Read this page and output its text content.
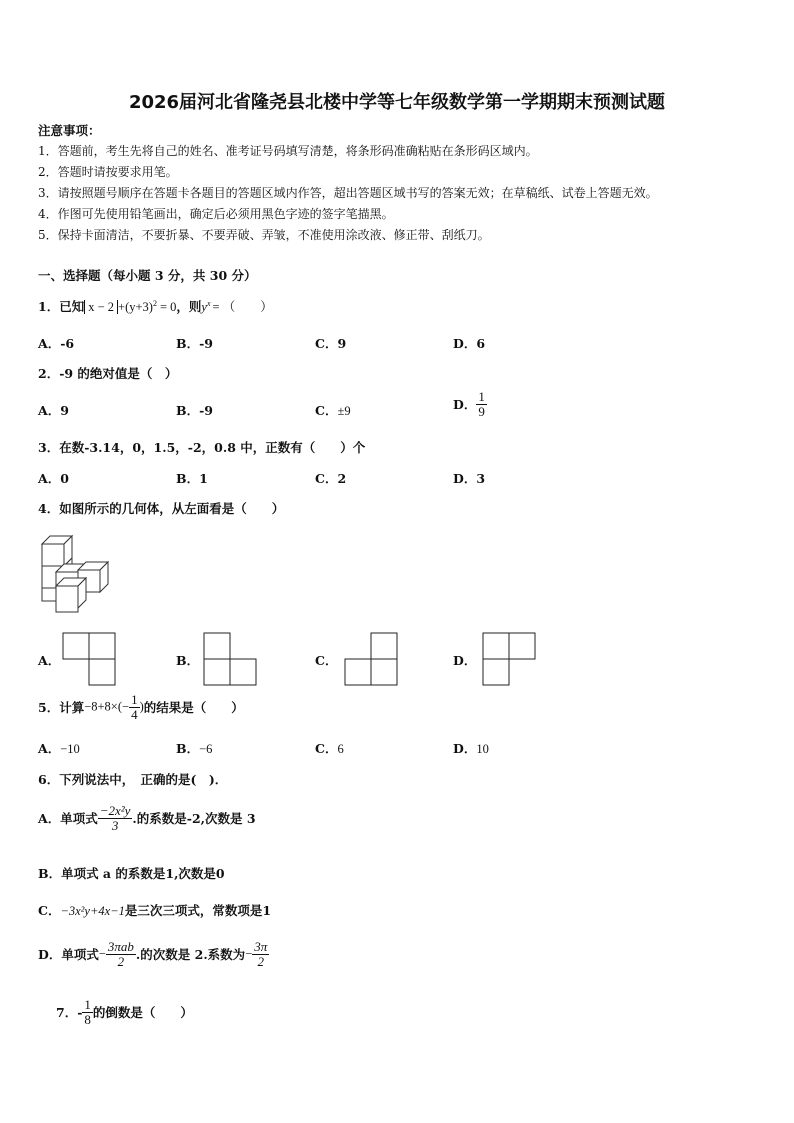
2026届河北省隆尧县北楼中学等七年级数学第一学期期末预测试题
注意事项：
1．答题前，考生先将自己的姓名、准考证号码填写清楚，将条形码准确粘贴在条形码区域内。
2．答题时请按要求用笔。
3．请按照题号顺序在答题卡各题目的答题区域内作答，超出答题区域书写的答案无效；在草稿纸、试卷上答题无效。
4．作图可先使用铅笔画出，确定后必须用黑色字迹的签字笔描黑。
5．保持卡面清洁，不要折暴、不要弄破、弄皱，不准使用涂改液、修正带、刮纸刀。
一、选择题（每小题 3 分，共 30 分）
1．已知 $x - 2 +(y+3)^2 = 0$，则$y^x$ = （　　）
A．-6	B．-9	C．9	D．6
2．-9 的绝对值是（　）
A．9	B．-9	C．±9	D． $\frac{1}{9}$
3．在数-3.14，0，1.5，-2，0.8 中，正数有（　　）个
A．0	B．1	C．2	D．3
4．如图所示的几何体，从左面看是（　　）
A．	B．	C．	D．
5．计算$-8+8\times(- \frac{1}{4}$ )的结果是（　　）
A．−10	B．−6	C．6	D．10
6．下列说法中，　正确的是(　)．
A．单项式 $\frac{\text{−2x²y}}{3}$ .的系数是-2,次数是 3
B．单项式 a 的系数是1,次数是0
C．−3x²y+4x−1是三次三项式，常数项是1
D．单项式− $\frac{\text{3πab}}{2}$ .的次数是 2.系数为− $\frac{3\pi}{2}$
7．- $\frac{1}{8}$ 的倒数是（　　）
